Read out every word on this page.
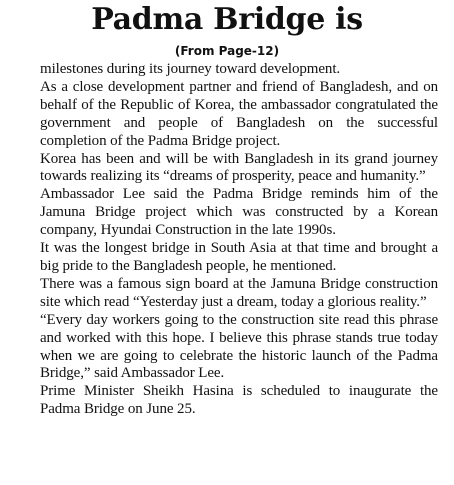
Padma Bridge is
(From Page-12)

milestones during its journey toward development.

As a close development partner and friend of Bangladesh, and on behalf of the Republic of Korea, the ambassador congratulated the government and people of Bangladesh on the successful completion of the Padma Bridge project.

Korea has been and will be with Bangladesh in its grand journey towards realizing its “dreams of prosperity, peace and humanity.”

Ambassador Lee said the Padma Bridge reminds him of the Jamuna Bridge project which was constructed by a Korean company, Hyundai Construction in the late 1990s.

It was the longest bridge in South Asia at that time and brought a big pride to the Bangladesh people, he mentioned.

There was a famous sign board at the Jamuna Bridge construction site which read “Yesterday just a dream, today a glorious reality.”

“Every day workers going to the construction site read this phrase and worked with this hope. I believe this phrase stands true today when we are going to celebrate the historic launch of the Padma Bridge,” said Ambassador Lee.

Prime Minister Sheikh Hasina is scheduled to inaugurate the Padma Bridge on June 25.
